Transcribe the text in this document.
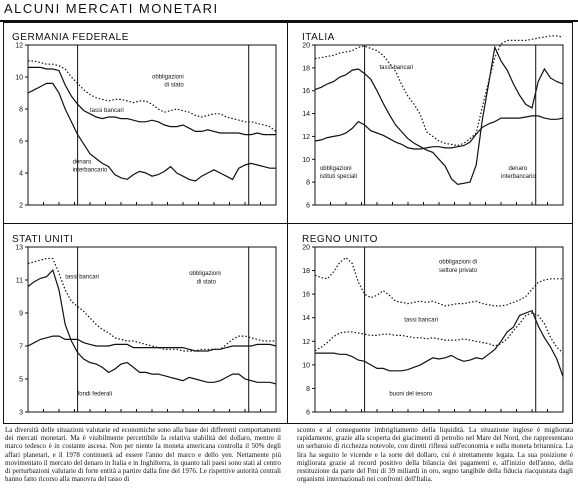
ALCUNI MERCATI MONETARI
GERMANIA FEDERALE	ITALIA
STATI UNITI	REGNO UNITO
12
10
8
6
4
2
obbligazioni
di stato
tassi bancari
denaro
interbancario
20
18
16
14
12
10
8
6
tassi bancari
obbligazioni
istituti speciali
denaro
interbancario
13
11
9
7
5
3
tassi bancari
obbligazioni
di stato
fondi federali
20
18
16
14
12
10
8
6
obbligazioni di
settore privato
tassi bancari
buoni del tesoro
La diversità delle situazioni valutarie ed economiche sono alla base dei differenti comportamenti dei mercati monetari. Ma è visibilmente percettibile la relativa stabilità del dollaro, mentre il marco tedesco è in costante ascesa. Non per niente la moneta americana controlla il 50% degli affari planetari, e il 1978 continuerà ad essere l'anno del marco e dello yen. Nettamente più movimentato il mercato del denaro in Italia e in Inghilterra, in quanto tali paesi sono stati al centro di perturbazioni valutarie di forte entità a partire dalla fine del 1976. Le rispettive autorità centrali hanno fatto ricorso alla manovra del tasso di
sconto e al conseguente imbrigliamento della liquidità. La situazione inglese è migliorata rapidamente, grazie alla scoperta dei giacimenti di petrolio nel Mare del Nord, che rappresentano un serbatoio di ricchezza notevole, con diretti riflessi sull'economia e sulla moneta britannica. La lira ha seguito le vicende e la sorte del dollaro, cui è strettamente legata. La sua posizione è migliorata grazie al record positivo della bilancia dei pagamenti e, all'inizio dell'anno, della restituzione da parte del Fmi di 39 miliardi in oro, segno tangibile della fiducia riacquistata dagli organismi internazionali nei confronti dell'Italia.
